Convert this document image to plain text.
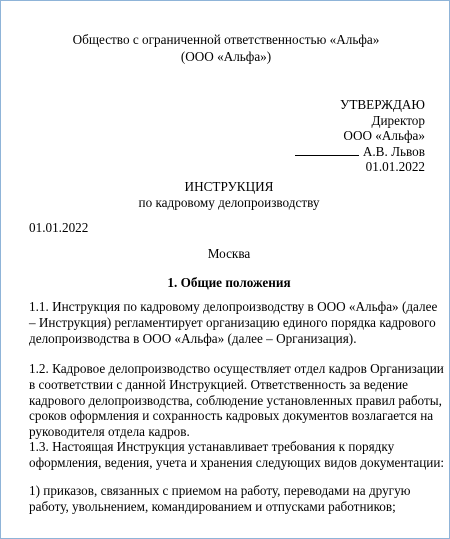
Общество с ограниченной ответственностью «Альфа»
(ООО «Альфа»)
УТВЕРЖДАЮ
Директор
ООО «Альфа»
А.В. Львов
01.01.2022
ИНСТРУКЦИЯ
по кадровому делопроизводству
01.01.2022
Москва
1. Общие положения

1.1. Инструкция по кадровому делопроизводству в ООО «Альфа» (далее
– Инструкция) регламентирует организацию единого порядка кадрового
делопроизводства в ООО «Альфа» (далее – Организация).

1.2. Кадровое делопроизводство осуществляет отдел кадров Организации
в соответствии с данной Инструкцией. Ответственность за ведение
кадрового делопроизводства, соблюдение установленных правил работы,
сроков оформления и сохранность кадровых документов возлагается на
руководителя отдела кадров.

1.3. Настоящая Инструкция устанавливает требования к порядку
оформления, ведения, учета и хранения следующих видов документации:

1) приказов, связанных с приемом на работу, переводами на другую
работу, увольнением, командированием и отпусками работников;
